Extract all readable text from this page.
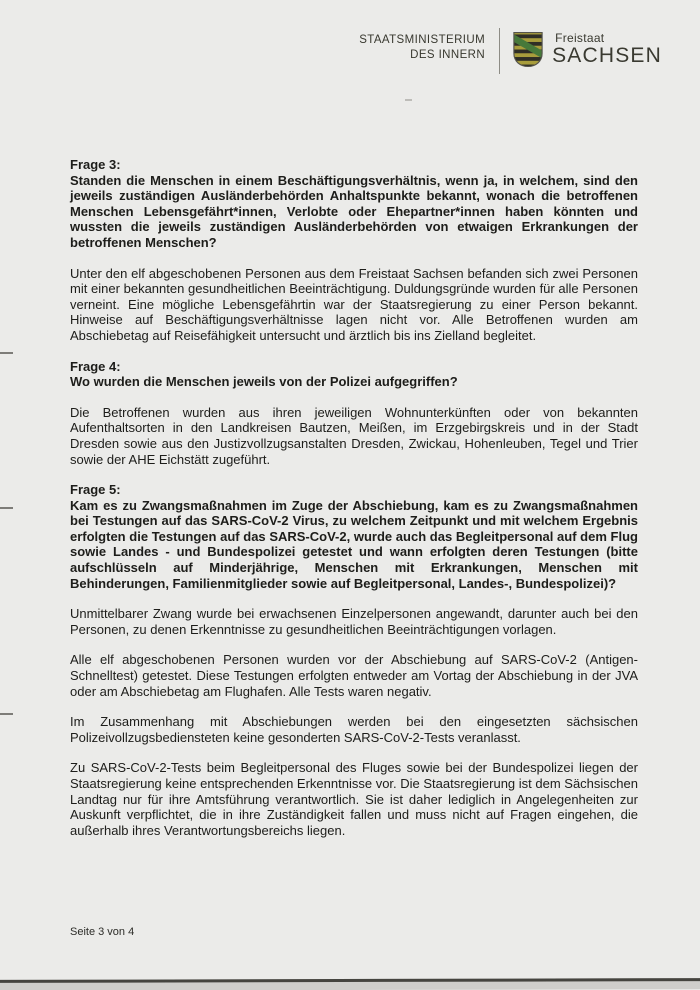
STAATSMINISTERIUM
DES INNERN
Freistaat
SACHSEN

Frage 3:

Standen die Menschen in einem Beschäftigungsverhältnis, wenn ja, in welchem, sind den jeweils zuständigen Ausländerbehörden Anhaltspunkte bekannt, wonach die betroffenen Menschen Lebensgefährt*innen, Verlobte oder Ehepartner*innen haben könnten und wussten die jeweils zuständigen Ausländerbehörden von etwaigen Erkrankungen der betroffenen Menschen?

Unter den elf abgeschobenen Personen aus dem Freistaat Sachsen befanden sich zwei Personen mit einer bekannten gesundheitlichen Beeinträchtigung. Duldungsgründe wurden für alle Personen verneint. Eine mögliche Lebensgefährtin war der Staatsregierung zu einer Person bekannt. Hinweise auf Beschäftigungsverhältnisse lagen nicht vor. Alle Betroffenen wurden am Abschiebetag auf Reisefähigkeit untersucht und ärztlich bis ins Zielland begleitet.

Frage 4:

Wo wurden die Menschen jeweils von der Polizei aufgegriffen?

Die Betroffenen wurden aus ihren jeweiligen Wohnunterkünften oder von bekannten Aufenthaltsorten in den Landkreisen Bautzen, Meißen, im Erzgebirgskreis und in der Stadt Dresden sowie aus den Justizvollzugsanstalten Dresden, Zwickau, Hohenleuben, Tegel und Trier sowie der AHE Eichstätt zugeführt.

Frage 5:

Kam es zu Zwangsmaßnahmen im Zuge der Abschiebung, kam es zu Zwangsmaßnahmen bei Testungen auf das SARS-CoV-2 Virus, zu welchem Zeitpunkt und mit welchem Ergebnis erfolgten die Testungen auf das SARS-CoV-2, wurde auch das Begleitpersonal auf dem Flug sowie Landes - und Bundespolizei getestet und wann erfolgten deren Testungen (bitte aufschlüsseln auf Minderjährige, Menschen mit Erkrankungen, Menschen mit Behinderungen, Familienmitglieder sowie auf Begleitpersonal, Landes-, Bundespolizei)?

Unmittelbarer Zwang wurde bei erwachsenen Einzelpersonen angewandt, darunter auch bei den Personen, zu denen Erkenntnisse zu gesundheitlichen Beeinträchtigungen vorlagen.

Alle elf abgeschobenen Personen wurden vor der Abschiebung auf SARS-CoV-2 (Antigen-Schnelltest) getestet. Diese Testungen erfolgten entweder am Vortag der Abschiebung in der JVA oder am Abschiebetag am Flughafen. Alle Tests waren negativ.

Im Zusammenhang mit Abschiebungen werden bei den eingesetzten sächsischen Polizeivollzugsbediensteten keine gesonderten SARS-CoV-2-Tests veranlasst.

Zu SARS-CoV-2-Tests beim Begleitpersonal des Fluges sowie bei der Bundespolizei liegen der Staatsregierung keine entsprechenden Erkenntnisse vor. Die Staatsregierung ist dem Sächsischen Landtag nur für ihre Amtsführung verantwortlich. Sie ist daher lediglich in Angelegenheiten zur Auskunft verpflichtet, die in ihre Zuständigkeit fallen und muss nicht auf Fragen eingehen, die außerhalb ihres Verantwortungsbereichs liegen.

Seite 3 von 4
